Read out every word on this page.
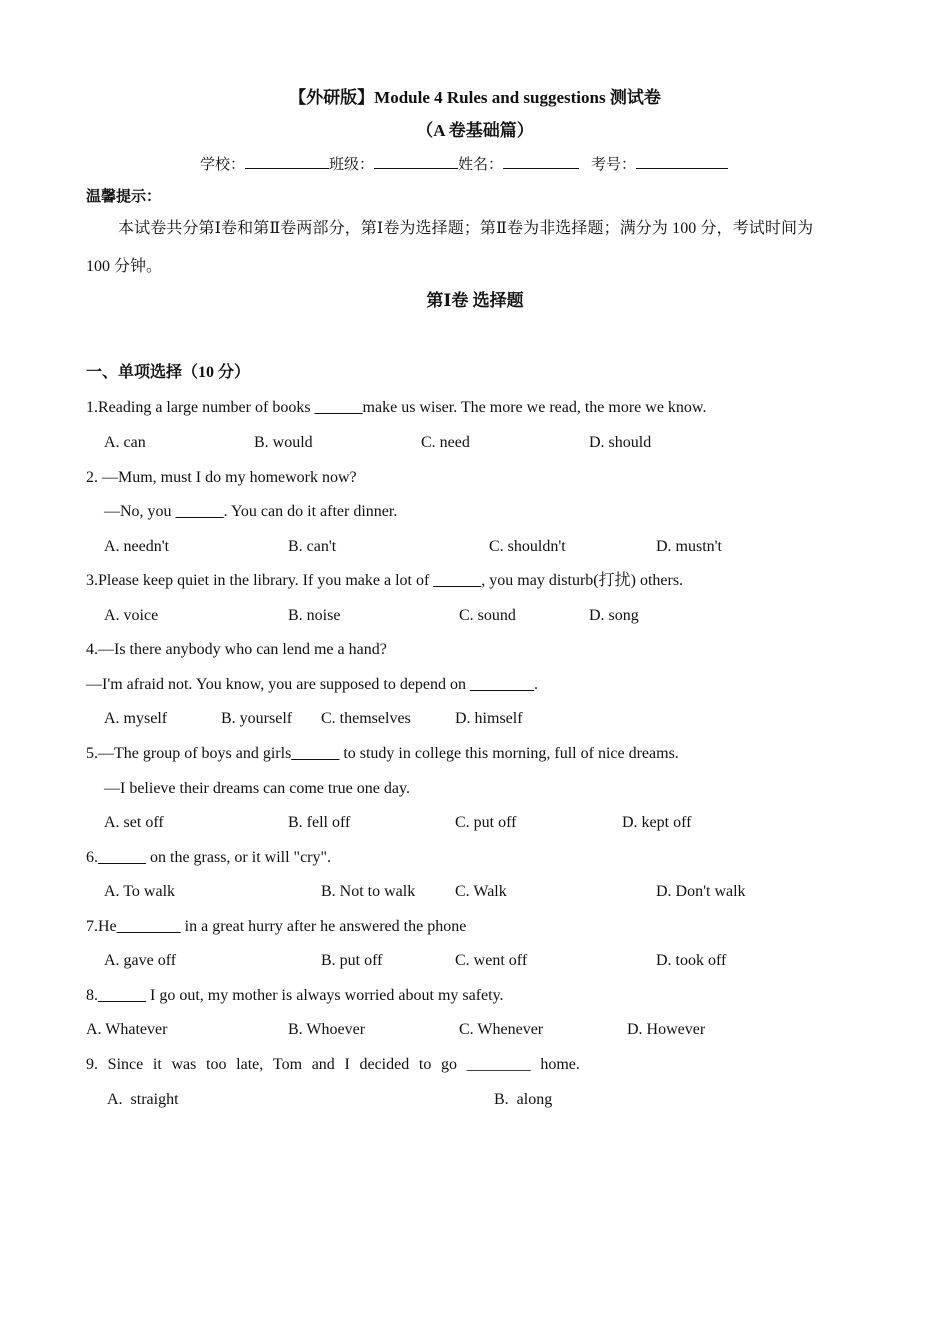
【外研版】Module 4 Rules and suggestions 测试卷
（A 卷基础篇）
学校：	班级：	姓名：	考号：
温馨提示：
本试卷共分第Ⅰ卷和第Ⅱ卷两部分，第Ⅰ卷为选择题；第Ⅱ卷为非选择题；满分为 100 分，考试时间为
100 分钟。
第Ⅰ卷 选择题
一、单项选择（10 分）
1.Reading a large number of books ______make us wiser. The more we read, the more we know.
A. can	B. would	C. need	D. should
2. —Mum, must I do my homework now?
—No, you ______. You can do it after dinner.
A. needn't	B. can't	C. shouldn't	D. mustn't
3.Please keep quiet in the library. If you make a lot of ______, you may disturb(打扰) others.
A. voice	B. noise	C. sound	D. song
4.—Is there anybody who can lend me a hand?
—I'm afraid not. You know, you are supposed to depend on ________.
A. myself	B. yourself C. themselves	D. himself
5.—The group of boys and girls______ to study in college this morning, full of nice dreams.
—I believe their dreams can come true one day.
A. set off	B. fell off	C. put off	D. kept off
6.______ on the grass, or it will "cry".
A. To walk	B. Not to walk C. Walk	D. Don't walk
7.He________ in a great hurry after he answered the phone
A. gave off	B. put off	C. went off	D. took off
8.______ I go out, my mother is always worried about my safety.
A. Whatever	B. Whoever	C. Whenever	D. However
9. Since it was too late, Tom and I decided to go ________ home.
A.  straight	B.  along
